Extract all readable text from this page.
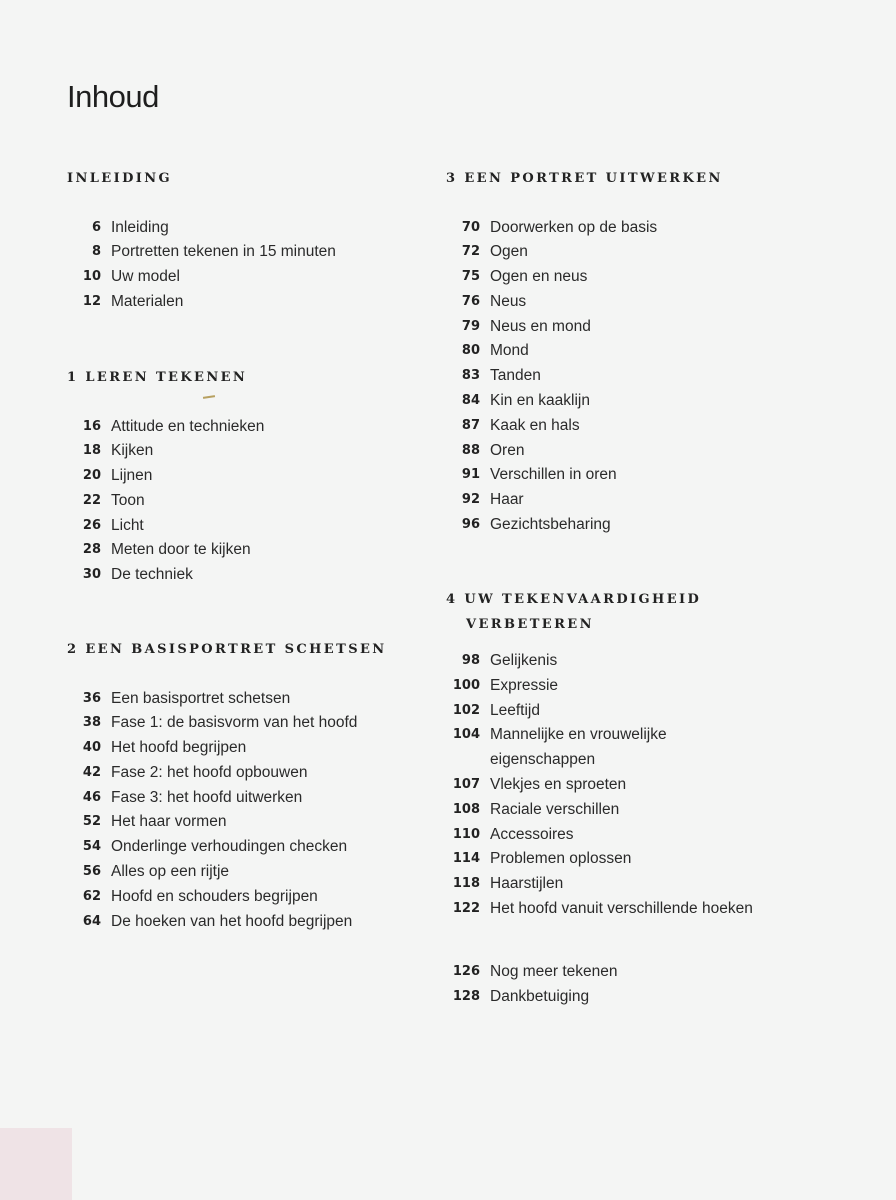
Inhoud
INLEIDING
6 Inleiding
8 Portretten tekenen in 15 minuten
10 Uw model
12 Materialen
1 LEREN TEKENEN
16 Attitude en technieken
18 Kijken
20 Lijnen
22 Toon
26 Licht
28 Meten door te kijken
30 De techniek
2 EEN BASISPORTRET SCHETSEN
36 Een basisportret schetsen
38 Fase 1: de basisvorm van het hoofd
40 Het hoofd begrijpen
42 Fase 2: het hoofd opbouwen
46 Fase 3: het hoofd uitwerken
52 Het haar vormen
54 Onderlinge verhoudingen checken
56 Alles op een rijtje
62 Hoofd en schouders begrijpen
64 De hoeken van het hoofd begrijpen
3 EEN PORTRET UITWERKEN
70 Doorwerken op de basis
72 Ogen
75 Ogen en neus
76 Neus
79 Neus en mond
80 Mond
83 Tanden
84 Kin en kaaklijn
87 Kaak en hals
88 Oren
91 Verschillen in oren
92 Haar
96 Gezichtsbeharing
4 UW TEKENVAARDIGHEID
VERBETEREN
98 Gelijkenis
100 Expressie
102 Leeftijd
104 Mannelijke en vrouwelijke eigenschappen
107 Vlekjes en sproeten
108 Raciale verschillen
110 Accessoires
114 Problemen oplossen
118 Haarstijlen
122 Het hoofd vanuit verschillende hoeken
126 Nog meer tekenen
128 Dankbetuiging
